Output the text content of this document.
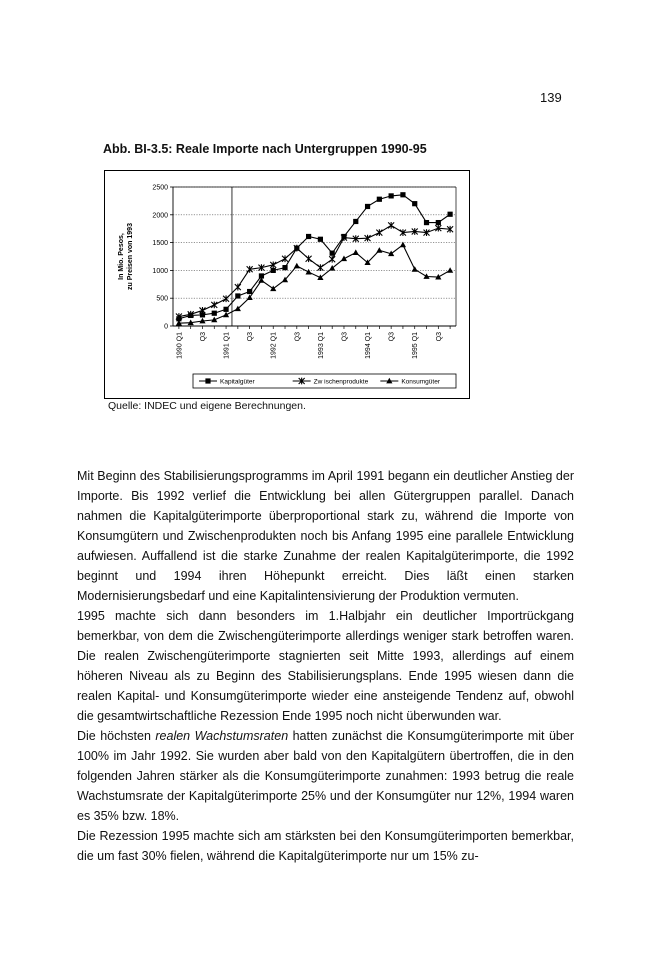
139
Abb. BI-3.5: Reale Importe nach Untergruppen 1990-95
0
500
1000
1500
2000
2500
1990 Q1 Q3 1991 Q1 Q3 1992 Q1 Q3 1993 Q1 Q3 1994 Q1 Q3 1995 Q1 Q3
In Mio. Pesos, zu Preisen von 1993
Kapitalgüter	Zw ischenprodukte	Konsumgüter
Quelle: INDEC und eigene Berechnungen.

Mit Beginn des Stabilisierungsprogramms im April 1991 begann ein deutlicher Anstieg der Importe. Bis 1992 verlief die Entwicklung bei allen Gütergruppen parallel. Danach nahmen die Kapitalgüterimporte überproportional stark zu, während die Importe von Konsumgütern und Zwischenprodukten noch bis Anfang 1995 eine parallele Entwicklung aufwiesen. Auffallend ist die starke Zunahme der realen Kapitalgüterimporte, die 1992 beginnt und 1994 ihren Höhepunkt erreicht. Dies läßt einen starken Modernisierungsbedarf und eine Kapitalintensivierung der Produktion vermuten.

1995 machte sich dann besonders im 1.Halbjahr ein deutlicher Importrückgang bemerkbar, von dem die Zwischengüterimporte allerdings weniger stark betroffen waren. Die realen Zwischengüterimporte stagnierten seit Mitte 1993, allerdings auf einem höheren Niveau als zu Beginn des Stabilisierungsplans. Ende 1995 wiesen dann die realen Kapital- und Konsumgüterimporte wieder eine ansteigende Tendenz auf, obwohl die gesamtwirtschaftliche Rezession Ende 1995 noch nicht überwunden war.

Die höchsten realen Wachstumsraten hatten zunächst die Konsumgüterimporte mit über 100% im Jahr 1992. Sie wurden aber bald von den Kapitalgütern übertroffen, die in den folgenden Jahren stärker als die Konsumgüterimporte zunahmen: 1993 betrug die reale Wachstumsrate der Kapitalgüterimporte 25% und der Konsumgüter nur 12%, 1994 waren es 35% bzw. 18%.

Die Rezession 1995 machte sich am stärksten bei den Konsumgüterimporten bemerkbar, die um fast 30% fielen, während die Kapitalgüterimporte nur um 15% zu-
